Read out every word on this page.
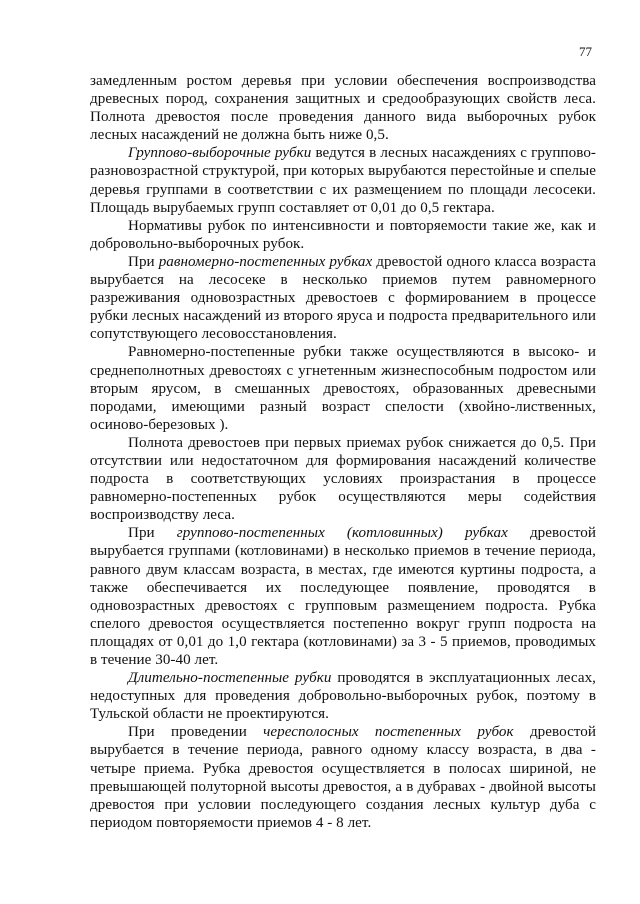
77

замедленным ростом деревья при условии обеспечения воспроизводства древесных пород, сохранения защитных и средообразующих свойств леса. Полнота древостоя после проведения данного вида выборочных рубок лесных насаждений не должна быть ниже 0,5.

Группово-выборочные рубки ведутся в лесных насаждениях с группово-разновозрастной структурой, при которых вырубаются перестойные и спелые деревья группами в соответствии с их размещением по площади лесосеки. Площадь вырубаемых групп составляет от 0,01 до 0,5 гектара.

Нормативы рубок по интенсивности и повторяемости такие же, как и добровольно-выборочных рубок.

При равномерно-постепенных рубках древостой одного класса возраста вырубается на лесосеке в несколько приемов путем равномерного разреживания одновозрастных древостоев с формированием в процессе рубки лесных насаждений из второго яруса и подроста предварительного или сопутствующего лесовосстановления.

Равномерно-постепенные рубки также осуществляются в высоко- и среднеполнотных древостоях с угнетенным жизнеспособным подростом или вторым ярусом, в смешанных древостоях, образованных древесными породами, имеющими разный возраст спелости (хвойно-лиственных, осиново-березовых ).

Полнота древостоев при первых приемах рубок снижается до 0,5. При отсутствии или недостаточном для формирования насаждений количестве подроста в соответствующих условиях произрастания в процессе равномерно-постепенных рубок осуществляются меры содействия воспроизводству леса.

При группово-постепенных (котловинных) рубках древостой вырубается группами (котловинами) в несколько приемов в течение периода, равного двум классам возраста, в местах, где имеются куртины подроста, а также обеспечивается их последующее появление, проводятся в одновозрастных древостоях с групповым размещением подроста. Рубка спелого древостоя осуществляется постепенно вокруг групп подроста на площадях от 0,01 до 1,0 гектара (котловинами) за 3 - 5 приемов, проводимых в течение 30-40 лет.

Длительно-постепенные рубки проводятся в эксплуатационных лесах, недоступных для проведения добровольно-выборочных рубок, поэтому в Тульской области не проектируются.

При проведении чересполосных постепенных рубок древостой вырубается в течение периода, равного одному классу возраста, в два - четыре приема. Рубка древостоя осуществляется в полосах шириной, не превышающей полуторной высоты древостоя, а в дубравах - двойной высоты древостоя при условии последующего создания лесных культур дуба с периодом повторяемости приемов 4 - 8 лет.
